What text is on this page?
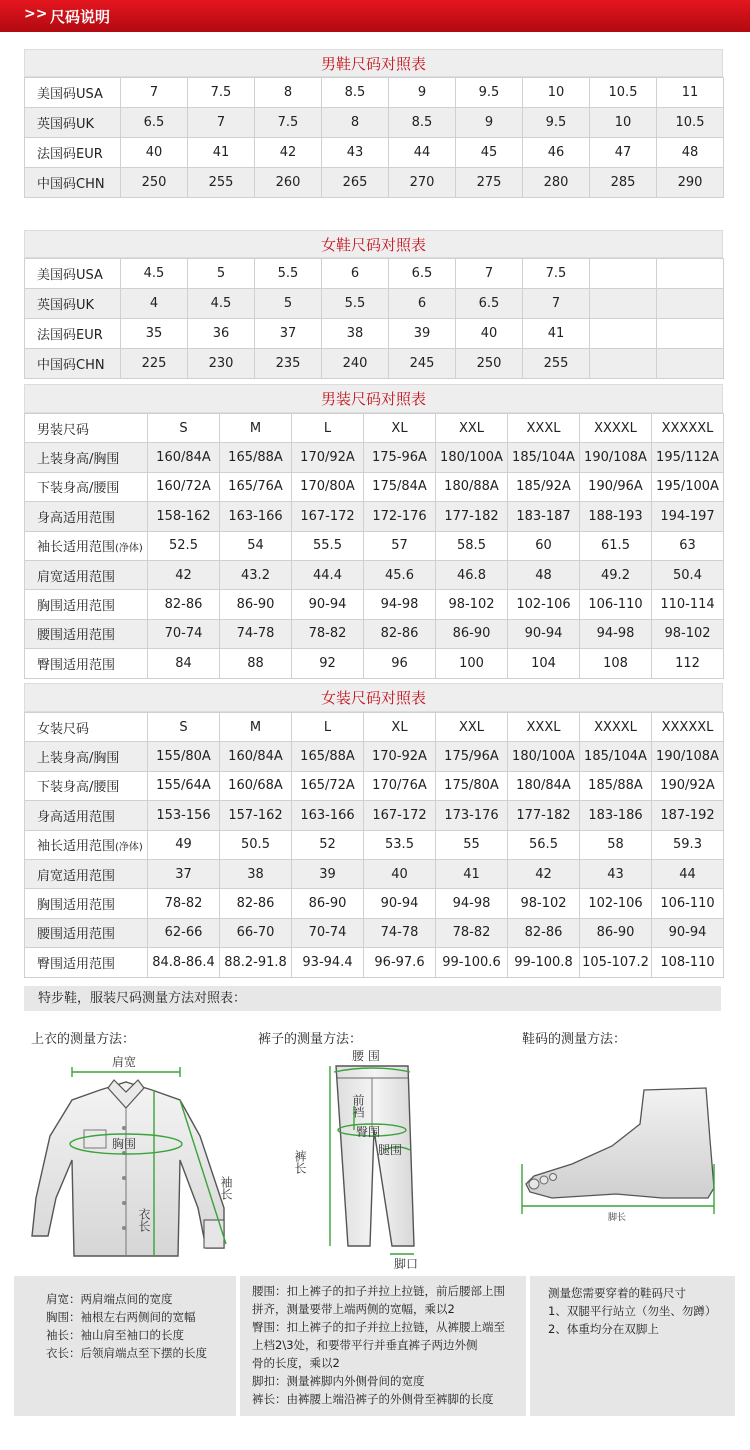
>> 尺码说明
男鞋尺码对照表
美国码USA	7	7.5	8	8.5	9	9.5	10	10.5	11
英国码UK	6.5	7	7.5	8	8.5	9	9.5	10	10.5
法国码EUR	40	41	42	43	44	45	46	47	48
中国码CHN	250	255	260	265	270	275	280	285	290
女鞋尺码对照表
美国码USA	4.5	5	5.5	6	6.5	7	7.5		
英国码UK	4	4.5	5	5.5	6	6.5	7		
法国码EUR	35	36	37	38	39	40	41		
中国码CHN	225	230	235	240	245	250	255		
男装尺码对照表
男装尺码	S	M	L	XL	XXL	XXXL	XXXXL	XXXXXL
上装身高/胸围	160/84A	165/88A	170/92A	175-96A	180/100A	185/104A	190/108A	195/112A
下装身高/腰围	160/72A	165/76A	170/80A	175/84A	180/88A	185/92A	190/96A	195/100A
身高适用范围	158-162	163-166	167-172	172-176	177-182	183-187	188-193	194-197
袖长适用范围(净体)	52.5	54	55.5	57	58.5	60	61.5	63
肩宽适用范围	42	43.2	44.4	45.6	46.8	48	49.2	50.4
胸围适用范围	82-86	86-90	90-94	94-98	98-102	102-106	106-110	110-114
腰围适用范围	70-74	74-78	78-82	82-86	86-90	90-94	94-98	98-102
臀围适用范围	84	88	92	96	100	104	108	112
女装尺码对照表
女装尺码	S	M	L	XL	XXL	XXXL	XXXXL	XXXXXL
上装身高/胸围	155/80A	160/84A	165/88A	170-92A	175/96A	180/100A	185/104A	190/108A
下装身高/腰围	155/64A	160/68A	165/72A	170/76A	175/80A	180/84A	185/88A	190/92A
身高适用范围	153-156	157-162	163-166	167-172	173-176	177-182	183-186	187-192
袖长适用范围(净体)	49	50.5	52	53.5	55	56.5	58	59.3
肩宽适用范围	37	38	39	40	41	42	43	44
胸围适用范围	78-82	82-86	86-90	90-94	94-98	98-102	102-106	106-110
腰围适用范围	62-66	66-70	70-74	74-78	78-82	82-86	86-90	90-94
臀围适用范围	84.8-86.4	88.2-91.8	93-94.4	96-97.6	99-100.6	99-100.8	105-107.2	108-110
特步鞋，服装尺码测量方法对照表：
上衣的测量方法：	裤子的测量方法：	鞋码的测量方法：
肩宽
胸围
袖长
衣长
腰 围
前裆
臀围
腿围
裤长
脚口
脚长
肩宽：两肩端点间的宽度
胸围：袖根左右两侧间的宽幅
袖长：袖山肩至袖口的长度
衣长：后领肩端点至下摆的长度
腰围：扣上裤子的扣子并拉上拉链，前后腰部上围
拼齐，测量要带上端两侧的宽幅，乘以2
臀围：扣上裤子的扣子并拉上拉链，从裤腰上端至
上档2\3处，和要带平行并垂直裤子两边外侧
骨的长度，乘以2
脚扣：测量裤脚内外侧骨间的宽度
裤长：由裤腰上端沿裤子的外侧骨至裤脚的长度
测量您需要穿着的鞋码尺寸
1、双腿平行站立（勿坐、勿蹲）
2、体重均分在双脚上
